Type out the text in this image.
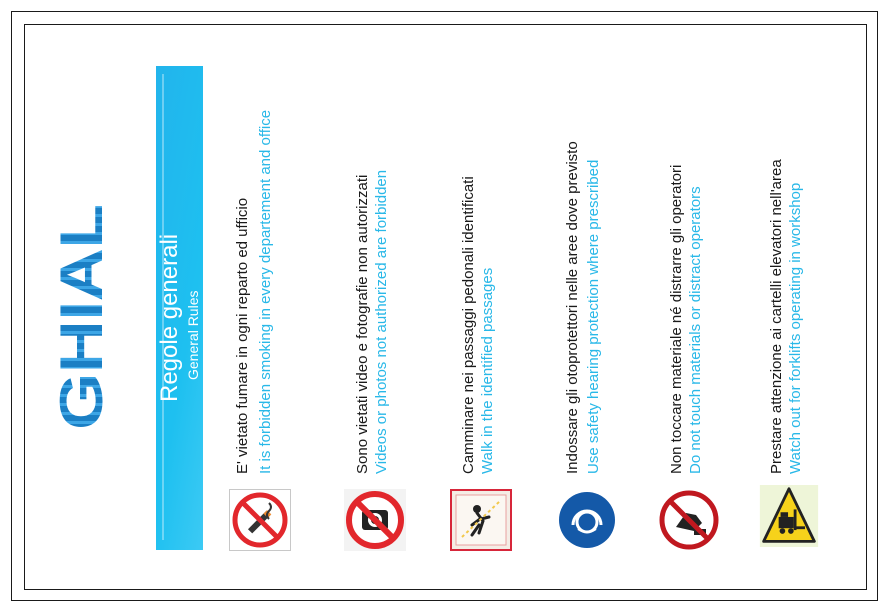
GHIAL Regole generali General Rules E' vietato fumare in ogni reparto ed ufficio It is forbidden smoking in every departement and office	Sono vietati video e fotografie non autorizzati Videos or photos not authorized are forbidden	Camminare nei passaggi pedonali identificati Walk in the identified passages	Indossare gli otoprotettori nelle aree dove previsto Use safety hearing protection where prescribed	Non toccare materiale né distrarre gli operatori Do not touch materials or distract operators	Prestare attenzione ai cartelli elevatori nell'area Watch out for forklifts operating in workshop
